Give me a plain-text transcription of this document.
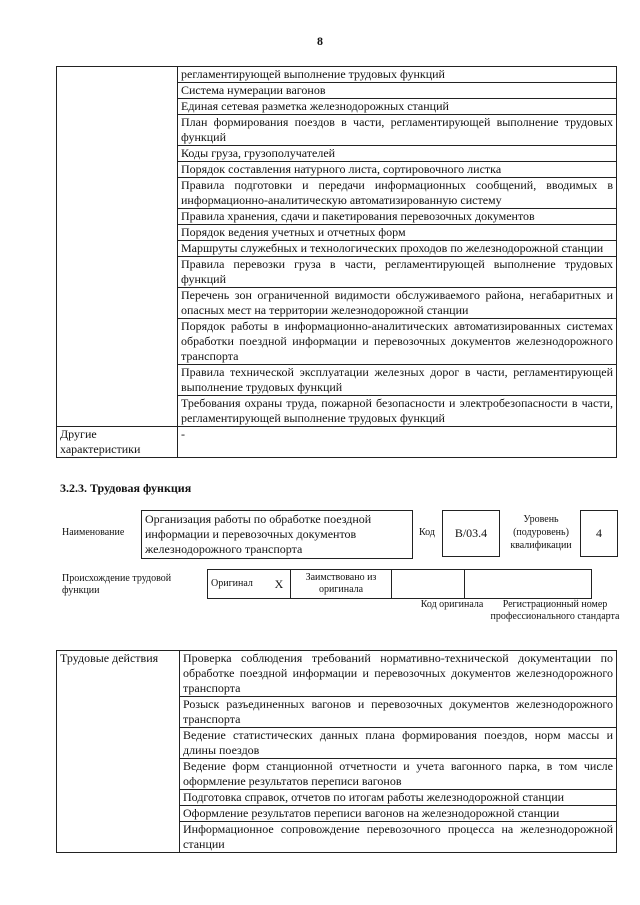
8
	регламентирующей выполнение трудовых функций
	Система нумерации вагонов
	Единая сетевая разметка железнодорожных станций
	План формирования поездов в части, регламентирующей выполнение трудовых функций
	Коды груза, грузополучателей
	Порядок составления натурного листа, сортировочного листка
	Правила подготовки и передачи информационных сообщений, вводимых в информационно-аналитическую автоматизированную систему
	Правила хранения, сдачи и пакетирования перевозочных документов
	Порядок ведения учетных и отчетных форм
	Маршруты служебных и технологических проходов по железнодорожной станции
	Правила перевозки груза в части, регламентирующей выполнение трудовых функций
	Перечень зон ограниченной видимости обслуживаемого района, негабаритных и опасных мест на территории железнодорожной станции
	Порядок работы в информационно-аналитических автоматизированных системах обработки поездной информации и перевозочных документов железнодорожного транспорта
	Правила технической эксплуатации железных дорог в части, регламентирующей выполнение трудовых функций
	Требования охраны труда, пожарной безопасности и электробезопасности в части, регламентирующей выполнение трудовых функций
Другие характеристики	-
3.2.3. Трудовая функция
Наименование
Организация работы по обработке поездной информации и перевозочных документов железнодорожного транспорта
Код	B/03.4
Уровень (подуровень) квалификации
4
Происхождение трудовой функции
Оригинал	X	Заимствовано из оригинала		
Код оригинала	Регистрационный номер профессионального стандарта
Трудовые действия	Проверка соблюдения требований нормативно-технической документации по обработке поездной информации и перевозочных документов железнодорожного транспорта
Розыск разъединенных вагонов и перевозочных документов железнодорожного транспорта
Ведение статистических данных плана формирования поездов, норм массы и длины поездов
Ведение форм станционной отчетности и учета вагонного парка, в том числе оформление результатов переписи вагонов
Подготовка справок, отчетов по итогам работы железнодорожной станции
Оформление результатов переписи вагонов на железнодорожной станции
Информационное сопровождение перевозочного процесса на железнодорожной станции
